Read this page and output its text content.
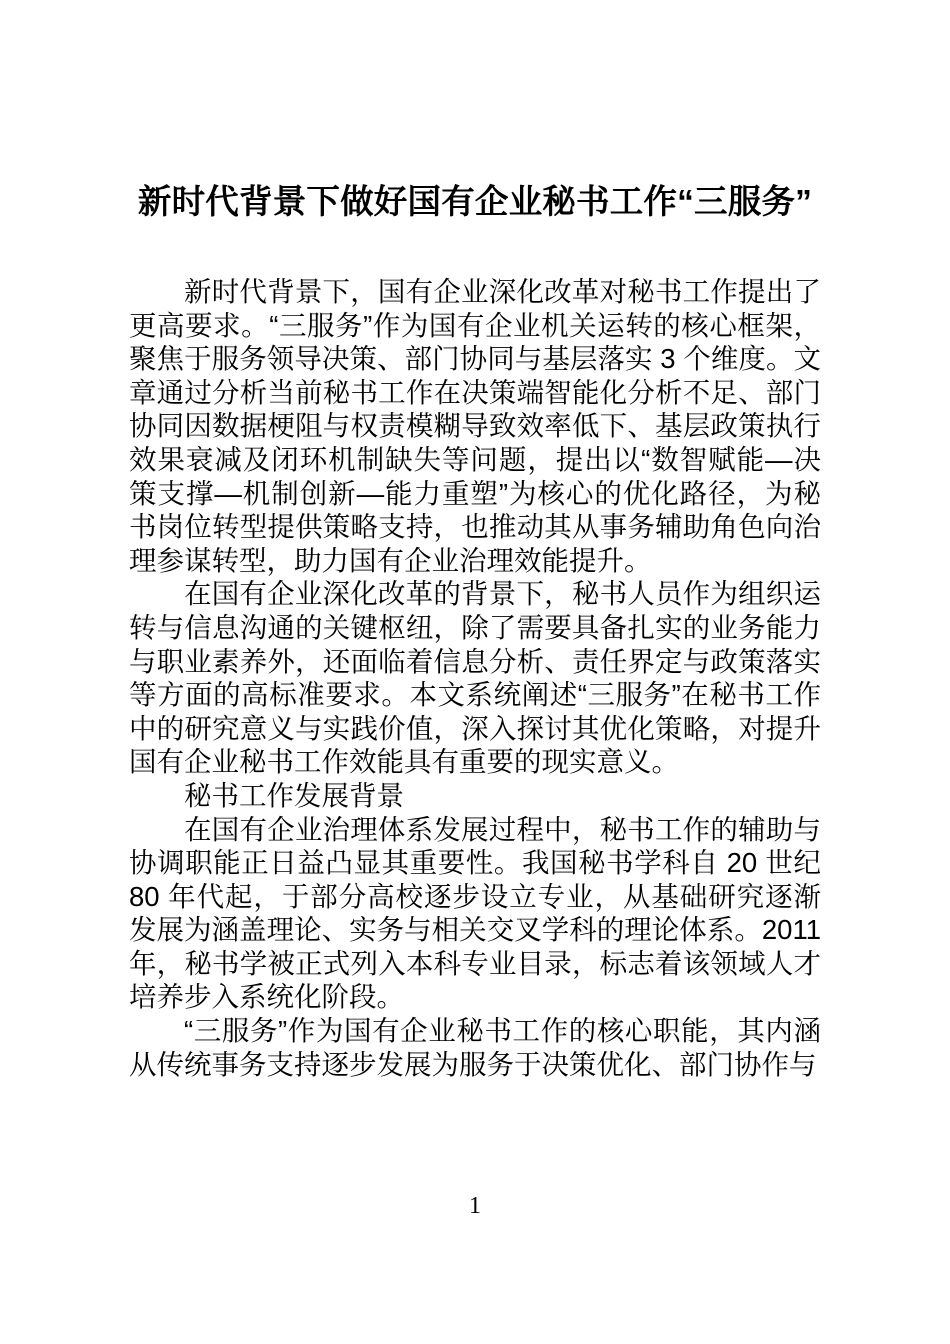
新时代背景下做好国有企业秘书工作“三服务”

新时代背景下，国有企业深化改革对秘书工作提出了更高要求。“三服务”作为国有企业机关运转的核心框架，聚焦于服务领导决策、部门协同与基层落实 3 个维度。文章通过分析当前秘书工作在决策端智能化分析不足、部门协同因数据梗阻与权责模糊导致效率低下、基层政策执行效果衰减及闭环机制缺失等问题，提出以“数智赋能—决策支撑—机制创新—能力重塑”为核心的优化路径，为秘书岗位转型提供策略支持，也推动其从事务辅助角色向治理参谋转型，助力国有企业治理效能提升。

在国有企业深化改革的背景下，秘书人员作为组织运转与信息沟通的关键枢纽，除了需要具备扎实的业务能力与职业素养外，还面临着信息分析、责任界定与政策落实等方面的高标准要求。本文系统阐述“三服务”在秘书工作中的研究意义与实践价值，深入探讨其优化策略，对提升国有企业秘书工作效能具有重要的现实意义。

秘书工作发展背景

在国有企业治理体系发展过程中，秘书工作的辅助与协调职能正日益凸显其重要性。我国秘书学科自 20 世纪 80 年代起，于部分高校逐步设立专业，从基础研究逐渐发展为涵盖理论、实务与相关交叉学科的理论体系。2011 年，秘书学被正式列入本科专业目录，标志着该领域人才培养步入系统化阶段。

“三服务”作为国有企业秘书工作的核心职能，其内涵从传统事务支持逐步发展为服务于决策优化、部门协作与

1
